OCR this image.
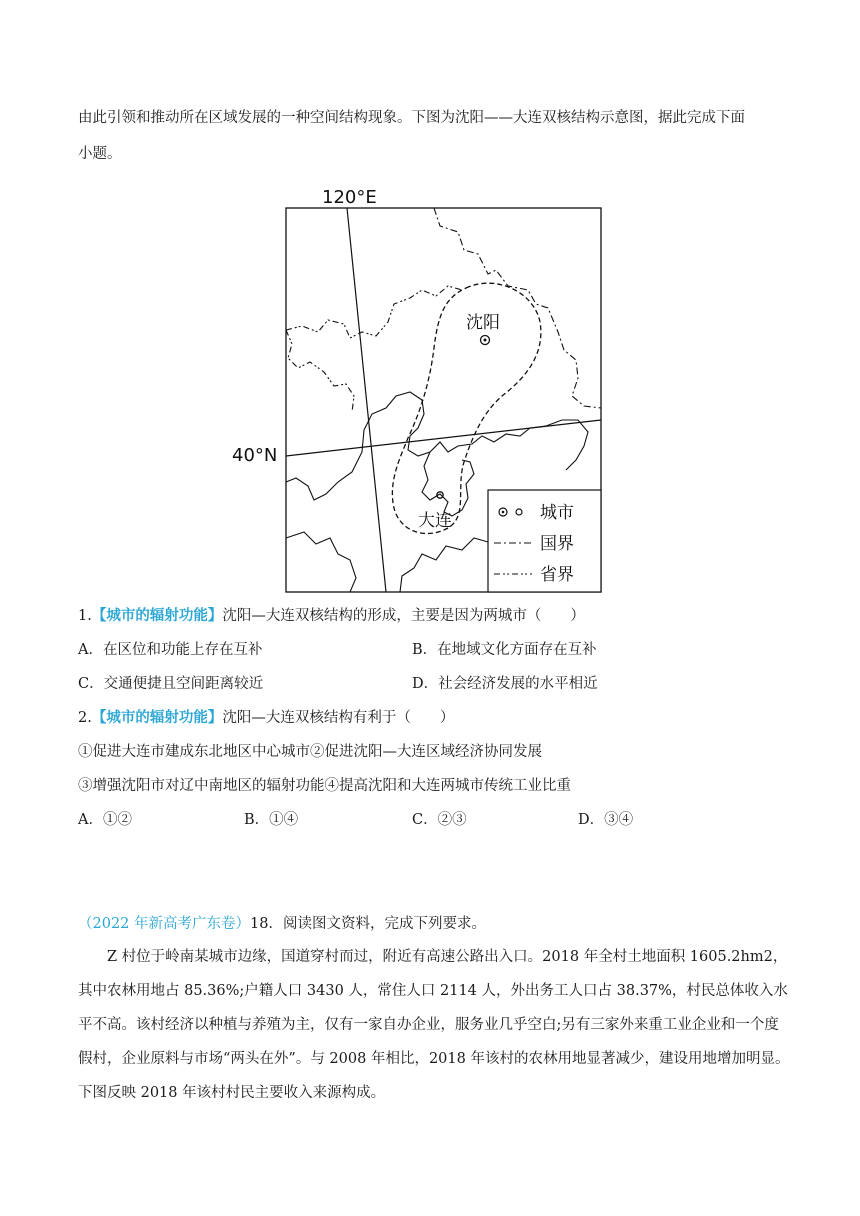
由此引领和推动所在区域发展的一种空间结构现象。下图为沈阳——大连双核结构示意图，据此完成下面
小题。
120°E
40°N
沈阳
大连	城市
国界
省界
1.【城市的辐射功能】沈阳—大连双核结构的形成，主要是因为两城市（　　）
A．在区位和功能上存在互补	B．在地域文化方面存在互补
C．交通便捷且空间距离较近	D．社会经济发展的水平相近
2.【城市的辐射功能】沈阳—大连双核结构有利于（　　）
①促进大连市建成东北地区中心城市②促进沈阳—大连区域经济协同发展
③增强沈阳市对辽中南地区的辐射功能④提高沈阳和大连两城市传统工业比重
A．①②	B．①④	C．②③	D．③④
（2022 年新高考广东卷）18．阅读图文资料，完成下列要求。
Z 村位于岭南某城市边缘，国道穿村而过，附近有高速公路出入口。2018 年全村土地面积 1605.2hm2，其中农林用地占 85.36%;户籍人口 3430 人，常住人口 2114 人，外出务工人口占 38.37%，村民总体收入水平不高。该村经济以种植与养殖为主，仅有一家自办企业，服务业几乎空白;另有三家外来重工业企业和一个度假村，企业原料与市场“两头在外”。与 2008 年相比，2018 年该村的农林用地显著减少，建设用地增加明显。下图反映 2018 年该村村民主要收入来源构成。
